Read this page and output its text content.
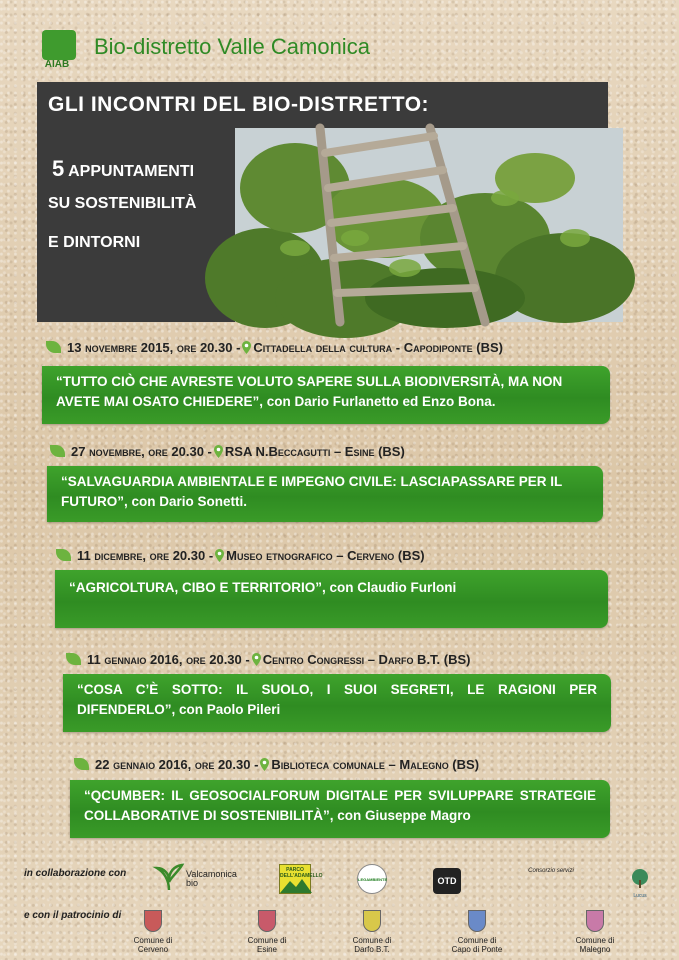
AIAB
Bio-distretto Valle Camonica
GLI INCONTRI DEL BIO-DISTRETTO:
5 APPUNTAMENTI
SU SOSTENIBILITÀ
E DINTORNI
13 novembre 2015, ore 20.30 - Cittadella della cultura - Capodiponte (BS)
“TUTTO CIÒ CHE AVRESTE VOLUTO SAPERE SULLA BIODIVERSITÀ, MA NON AVETE MAI OSATO CHIEDERE”, con Dario Furlanetto ed Enzo Bona.
27 novembre, ore 20.30 - RSA N.Beccagutti – Esine (BS)
“SALVAGUARDIA AMBIENTALE E IMPEGNO CIVILE: LASCIAPASSARE PER IL FUTURO”, con Dario Sonetti.
11 dicembre, ore 20.30 - Museo etnografico – Cerveno (BS)
“AGRICOLTURA, CIBO E TERRITORIO”, con Claudio Furloni
11 gennaio 2016, ore 20.30 - Centro Congressi – Darfo B.T. (BS)
“COSA C’È SOTTO: IL SUOLO, I SUOI SEGRETI, LE RAGIONI PER DIFENDERLO”, con Paolo Pileri
22 gennaio 2016, ore 20.30 - Biblioteca comunale – Malegno (BS)
“QCUMBER: IL GEOSOCIALFORUM DIGITALE PER SVILUPPARE STRATEGIE COLLABORATIVE DI SOSTENIBILITÀ”, con Giuseppe Magro
in collaborazione con	Valcamonica bio
PARCO DELL'ADAMELLO
LEGAMBIENTE	OTD
Consorzio servizi
Lucus
e con il patrocinio di
Comune di
Cerveno
Comune di
Esine
Comune di
Darfo B.T.
Comune di
Capo di Ponte
Comune di
Malegno
